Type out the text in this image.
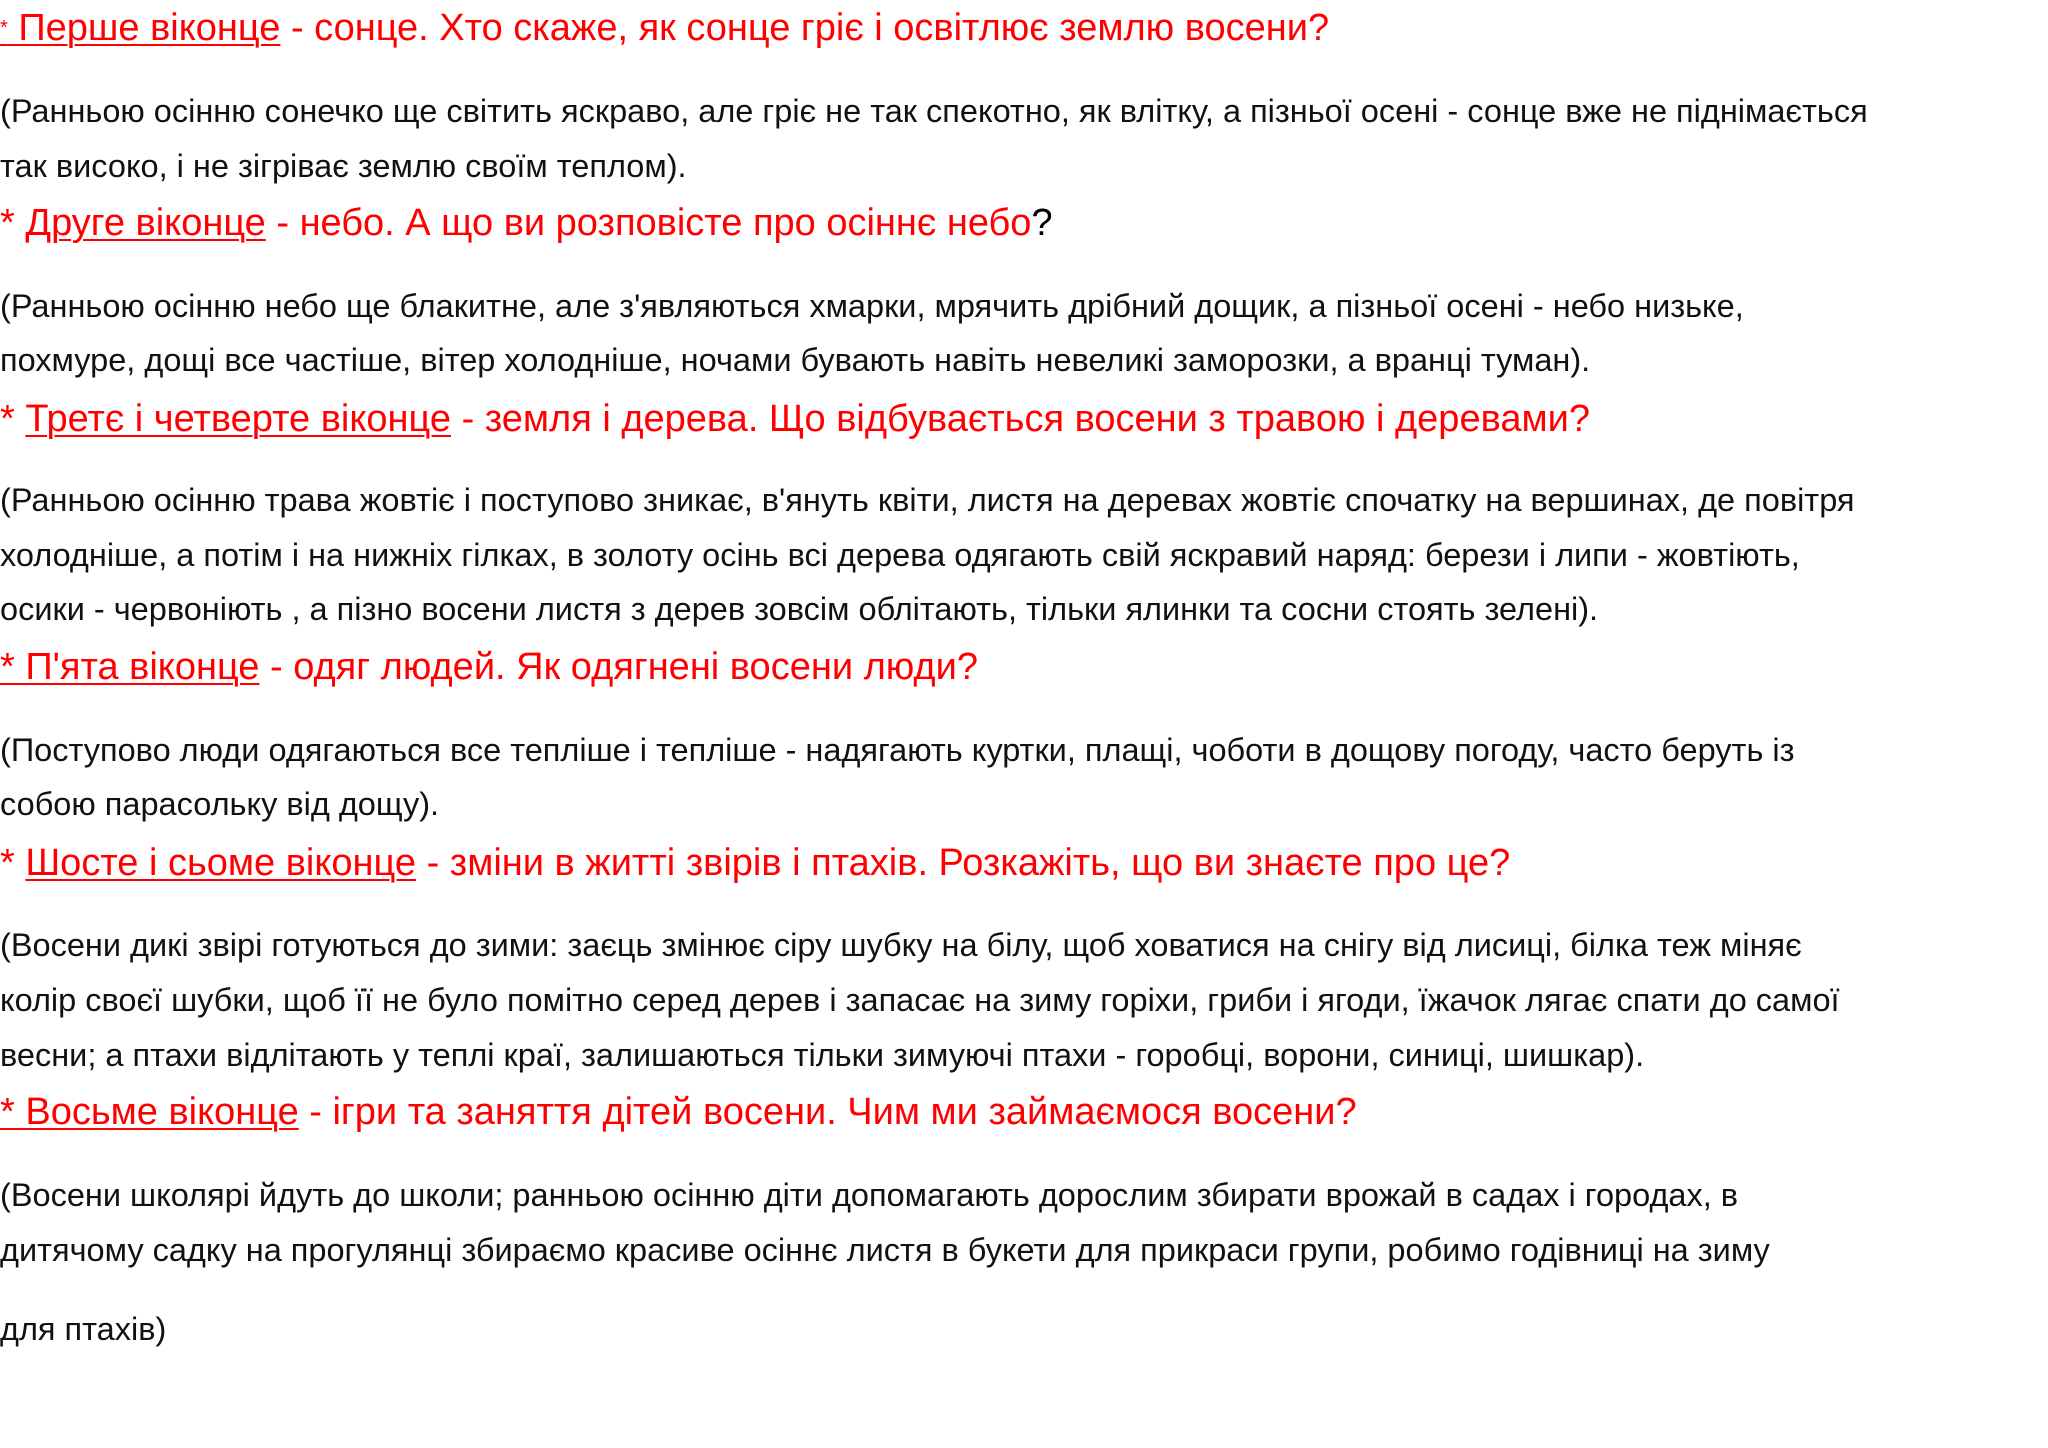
* Перше віконце - сонце. Хто скаже, як сонце гріє і освітлює землю восени?

(Ранньою осінню сонечко ще світить яскраво, але гріє не так спекотно, як влітку, а пізньої осені - сонце вже не піднімається

так високо, і не зігріває землю своїм теплом).

* Друге віконце - небо. А що ви розповісте про осіннє небо?

(Ранньою осінню небо ще блакитне, але з'являються хмарки, мрячить дрібний дощик, а пізньої осені - небо низьке,

похмуре, дощі все частіше, вітер холодніше, ночами бувають навіть невеликі заморозки, а вранці туман).

* Третє і четверте віконце - земля і дерева. Що відбувається восени з травою і деревами?

(Ранньою осінню трава жовтіє і поступово зникає, в'януть квіти, листя на деревах жовтіє спочатку на вершинах, де повітря

холодніше, а потім і на нижніх гілках, в золоту осінь всі дерева одягають свій яскравий наряд: берези і липи - жовтіють,

осики - червоніють , а пізно восени листя з дерев зовсім облітають, тільки ялинки та сосни стоять зелені).

* П'ята віконце - одяг людей. Як одягнені восени люди?

(Поступово люди одягаються все тепліше і тепліше - надягають куртки, плащі, чоботи в дощову погоду, часто беруть із

собою парасольку від дощу).

* Шосте і сьоме віконце - зміни в житті звірів і птахів. Розкажіть, що ви знаєте про це?

(Восени дикі звірі готуються до зими: заєць змінює сіру шубку на білу, щоб ховатися на снігу від лисиці, білка теж міняє

колір своєї шубки, щоб її не було помітно серед дерев і запасає на зиму горіхи, гриби і ягоди, їжачок лягає спати до самої

весни; а птахи відлітають у теплі краї, залишаються тільки зимуючі птахи - горобці, ворони, синиці, шишкар).

* Восьме віконце - ігри та заняття дітей восени. Чим ми займаємося восени?

(Восени школярі йдуть до школи; ранньою осінню діти допомагають дорослим збирати врожай в садах і городах, в

дитячому садку на прогулянці збираємо красиве осіннє листя в букети для прикраси групи, робимо годівниці на зиму

для птахів)
